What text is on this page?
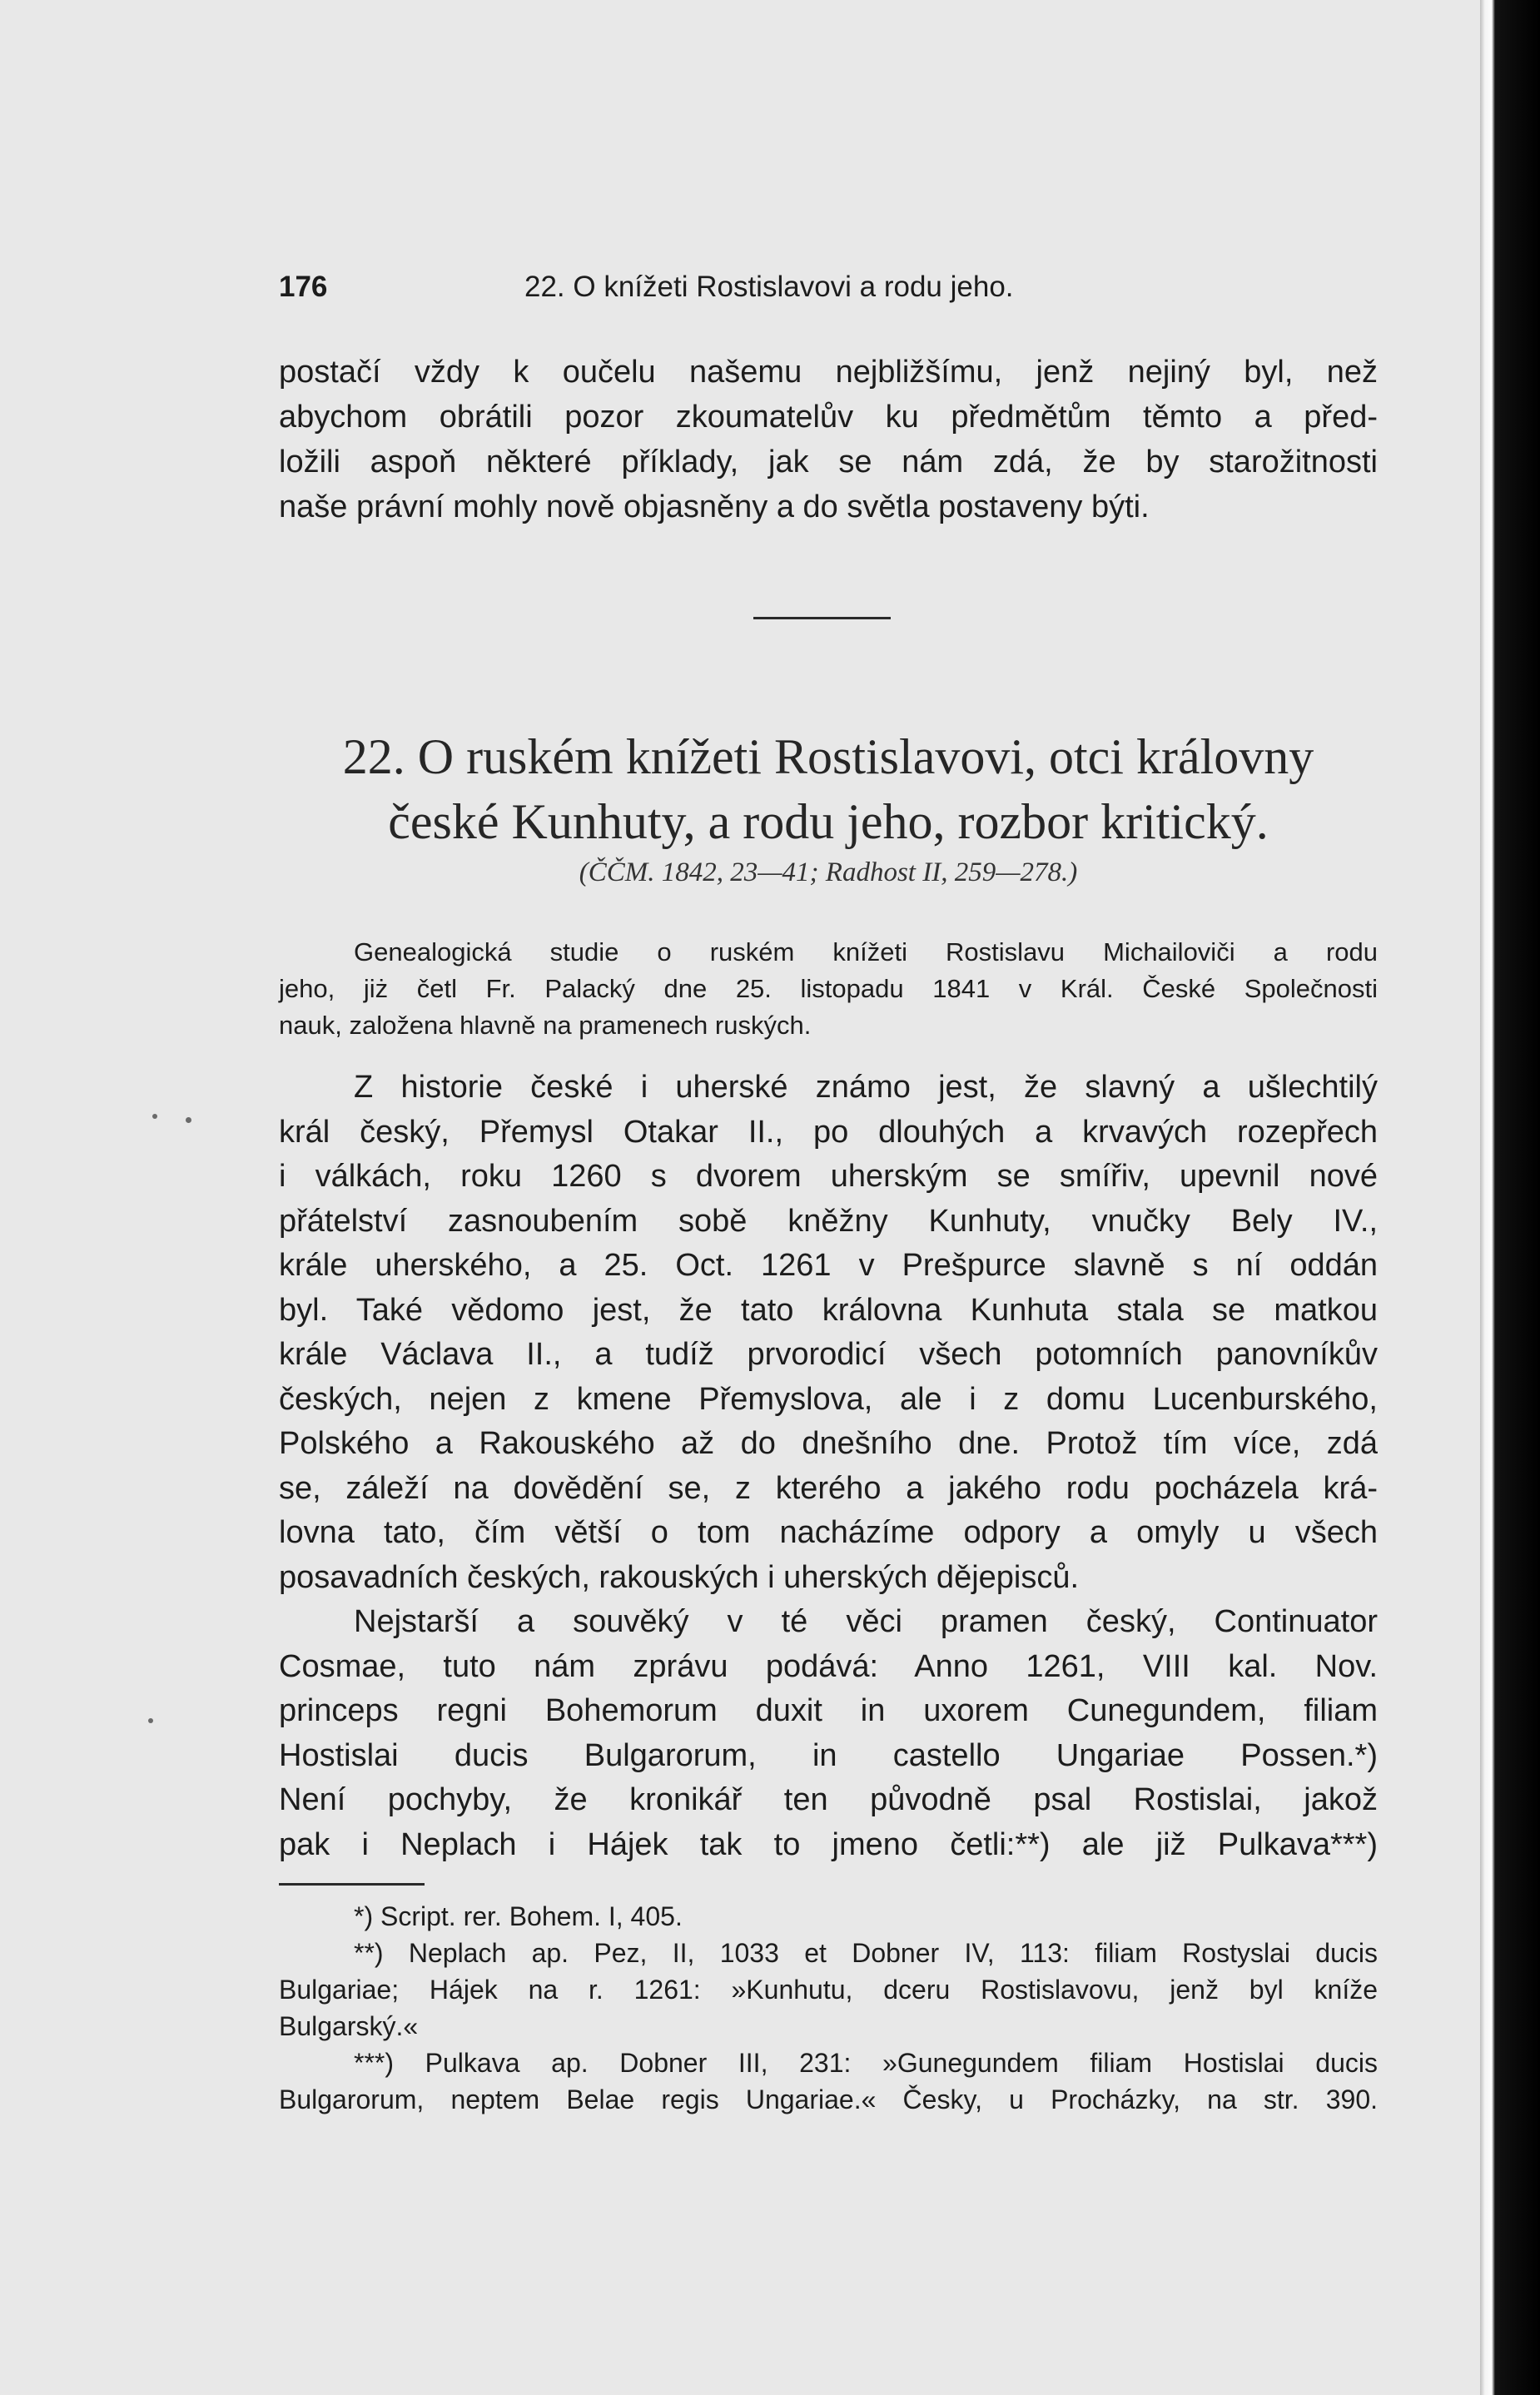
176	22. O knížeti Rostislavovi a rodu jeho.
postačí vždy k oučelu našemu nejbližšímu, jenž nejiný byl, než
abychom obrátili pozor zkoumatelův ku předmětům těmto a před-
ložili aspoň některé příklady, jak se nám zdá, že by starožitnosti
naše právní mohly nově objasněny a do světla postaveny býti.
22. O ruském knížeti Rostislavovi, otci královny
české Kunhuty, a rodu jeho, rozbor kritický.
(ČČM. 1842, 23—41; Radhost II, 259—278.)
Genealogická studie o ruském knížeti Rostislavu Michailoviči a rodu
jeho, jiż četl Fr. Palacký dne 25. listopadu 1841 v Král. České Společnosti
nauk, založena hlavně na pramenech ruských.
Z historie české i uherské známo jest, že slavný a ušlechtilý
král český, Přemysl Otakar II., po dlouhých a krvavých rozepřech
i válkách, roku 1260 s dvorem uherským se smířiv, upevnil nové
přátelství zasnoubením sobě kněžny Kunhuty, vnučky Bely IV.,
krále uherského, a 25. Oct. 1261 v Prešpurce slavně s ní oddán
byl. Také vědomo jest, že tato královna Kunhuta stala se matkou
krále Václava II., a tudíž prvorodicí všech potomních panovníkův
českých, nejen z kmene Přemyslova, ale i z domu Lucenburského,
Polského a Rakouského až do dnešního dne. Protož tím více, zdá
se, záleží na dovědění se, z kterého a jakého rodu pocházela krá-
lovna tato, čím větší o tom nacházíme odpory a omyly u všech
posavadních českých, rakouských i uherských dějepisců.
Nejstarší a souvěký v té věci pramen český, Continuator
Cosmae, tuto nám zprávu podává: Anno 1261, VIII kal. Nov.
princeps regni Bohemorum duxit in uxorem Cunegundem, filiam
Hostislai ducis Bulgarorum, in castello Ungariae Possen.*)
Není pochyby, že kronikář ten původně psal Rostislai, jakož
pak i Neplach i Hájek tak to jmeno četli:**) ale již Pulkava***)
*) Script. rer. Bohem. I, 405.
**) Neplach ap. Pez, II, 1033 et Dobner IV, 113: filiam Rostyslai ducis
Bulgariae; Hájek na r. 1261: »Kunhutu, dceru Rostislavovu, jenž byl kníže
Bulgarský.«
***) Pulkava ap. Dobner III, 231: »Gunegundem filiam Hostislai ducis
Bulgarorum, neptem Belae regis Ungariae.« Česky, u Procházky, na str. 390.
